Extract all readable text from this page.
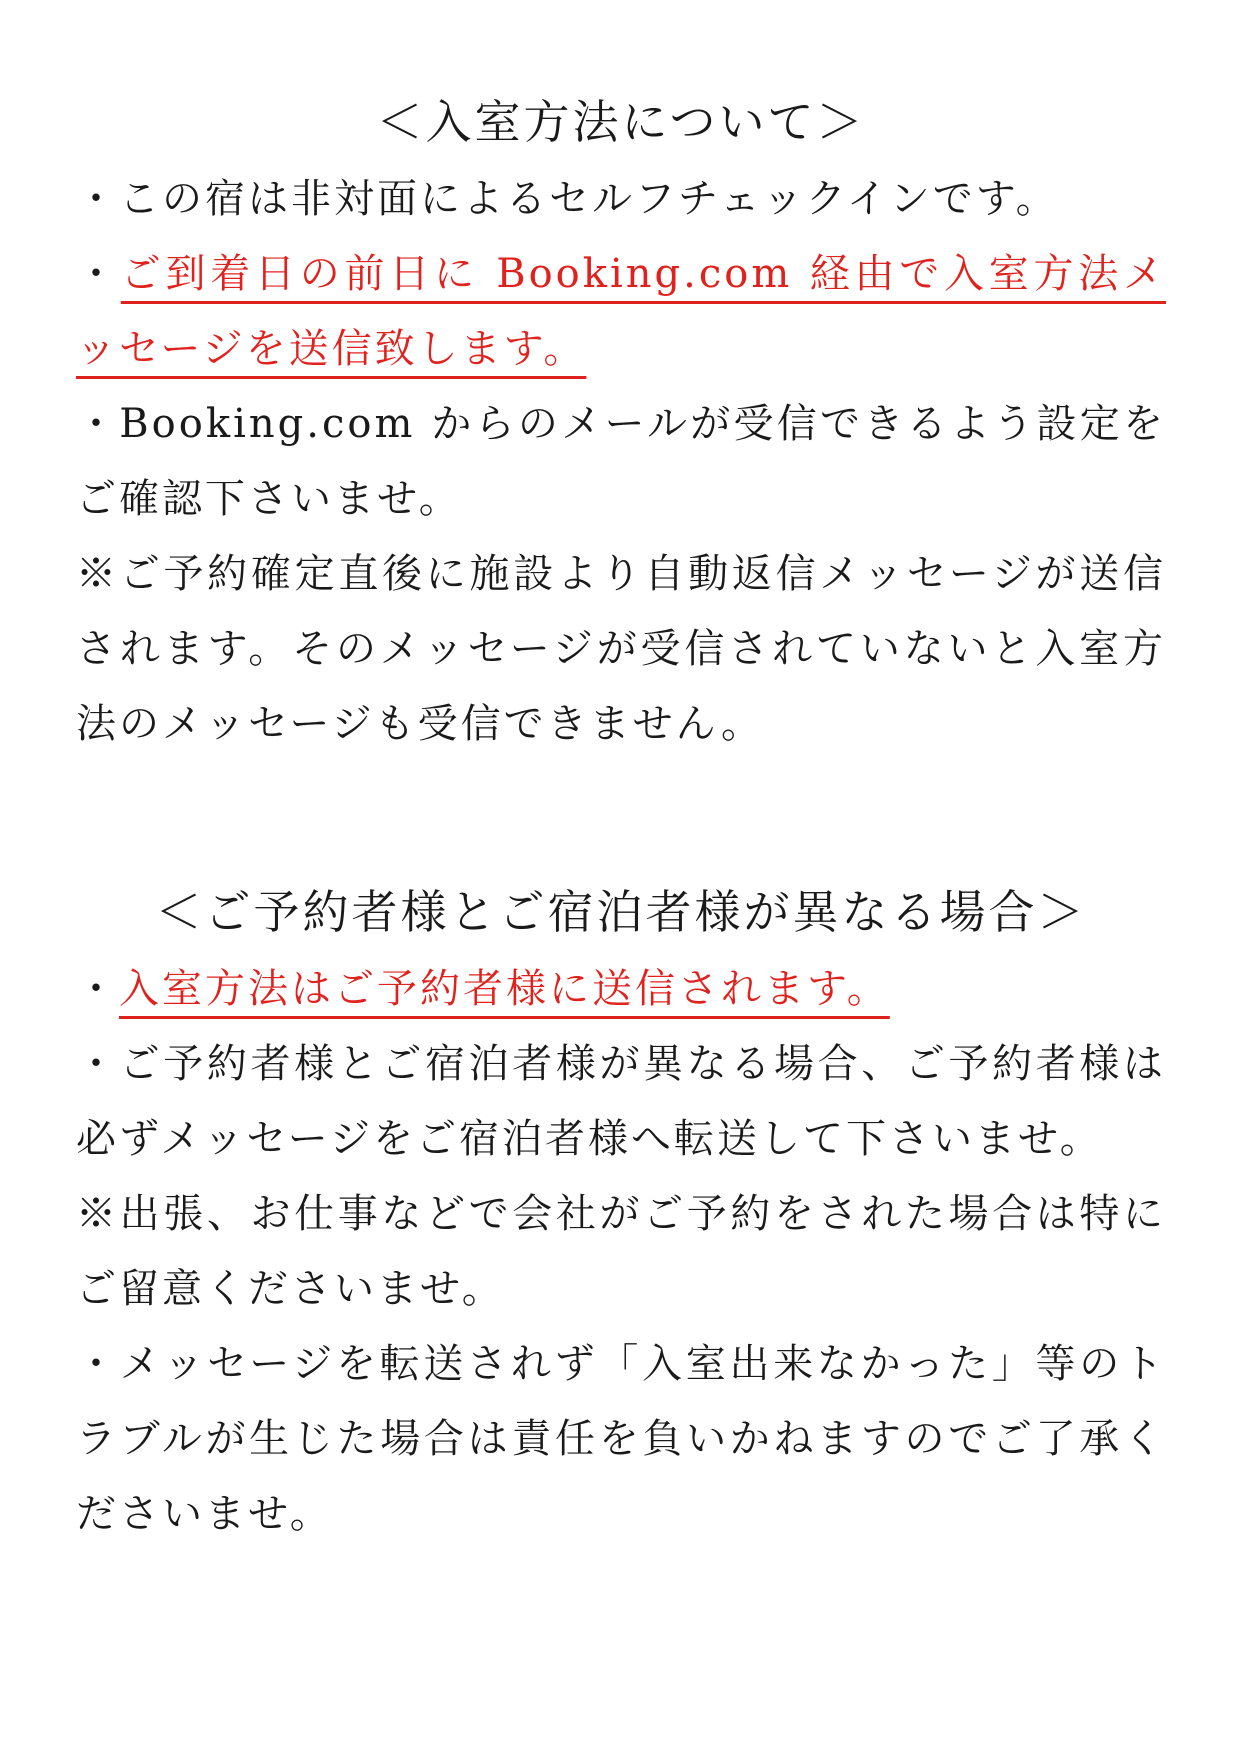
＜入室方法について＞
・この宿は非対面によるセルフチェックインです。
・ご到着日の前日に Booking.com 経由で入室方法メッセージを送信致します。
・Booking.com からのメールが受信できるよう設定をご確認下さいませ。
※ご予約確定直後に施設より自動返信メッセージが送信されます。そのメッセージが受信されていないと入室方法のメッセージも受信できません。
＜ご予約者様とご宿泊者様が異なる場合＞
・入室方法はご予約者様に送信されます。
・ご予約者様とご宿泊者様が異なる場合、ご予約者様は必ずメッセージをご宿泊者様へ転送して下さいませ。
※出張、お仕事などで会社がご予約をされた場合は特にご留意くださいませ。
・メッセージを転送されず「入室出来なかった」等のトラブルが生じた場合は責任を負いかねますのでご了承くださいませ。
